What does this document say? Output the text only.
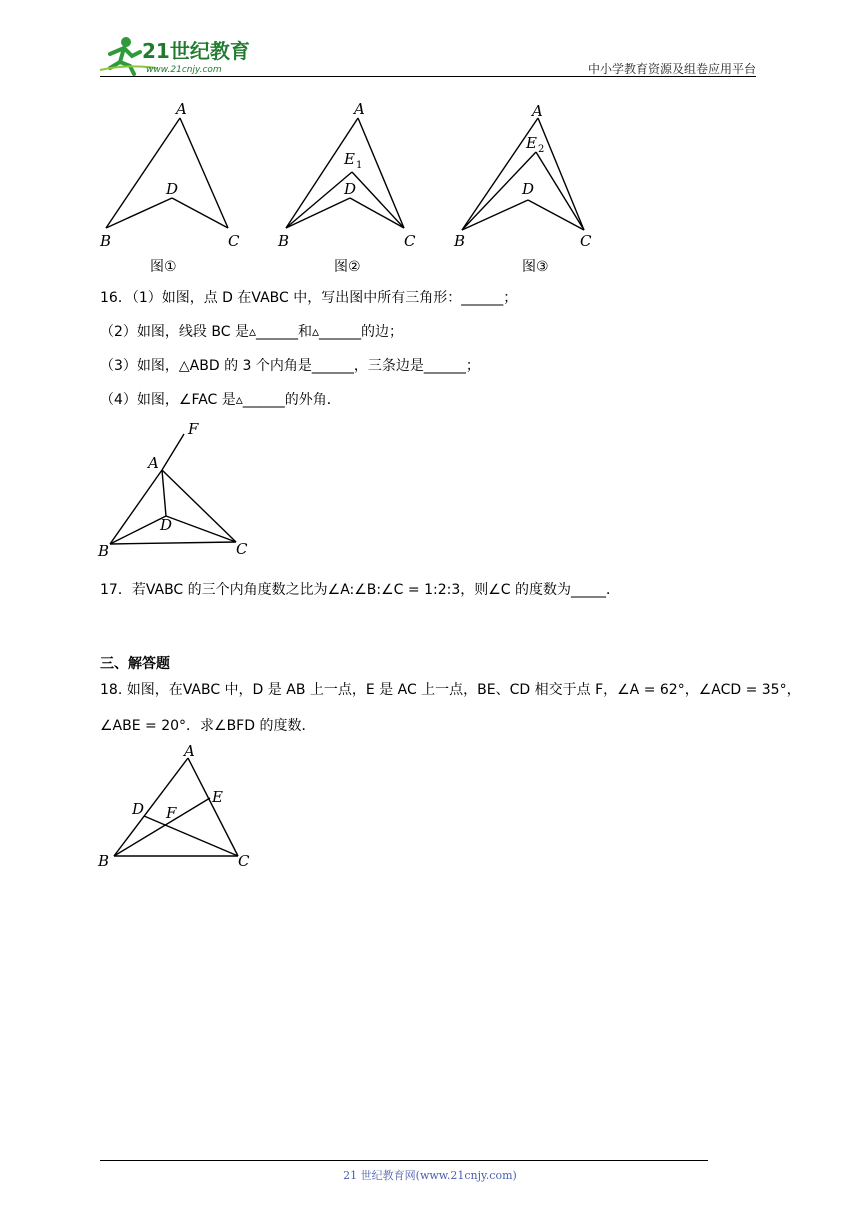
21世纪教育
www.21cnjy.com	中小学教育资源及组卷应用平台
A
B	C
D
图①
A
B	C
D
E 1
图②
A
B	C
D
E 2
图③
16．（1）如图，点 D 在VABC 中，写出图中所有三角形：______；
（2）如图，线段 BC 是▵______和▵______的边；
（3）如图，△ABD 的 3 个内角是______，三条边是______；
（4）如图，∠FAC 是▵______的外角．
F
A
B	C
D
17．若VABC 的三个内角度数之比为∠A:∠B:∠C = 1:2:3，则∠C 的度数为_____．
三、解答题
18. 如图，在VABC 中，D 是 AB 上一点，E 是 AC 上一点，BE、CD 相交于点 F，∠A = 62°，∠ACD = 35°，
∠ABE = 20°．求∠BFD 的度数．
A
B	C
D
E
F
21 世纪教育网(www.21cnjy.com)
